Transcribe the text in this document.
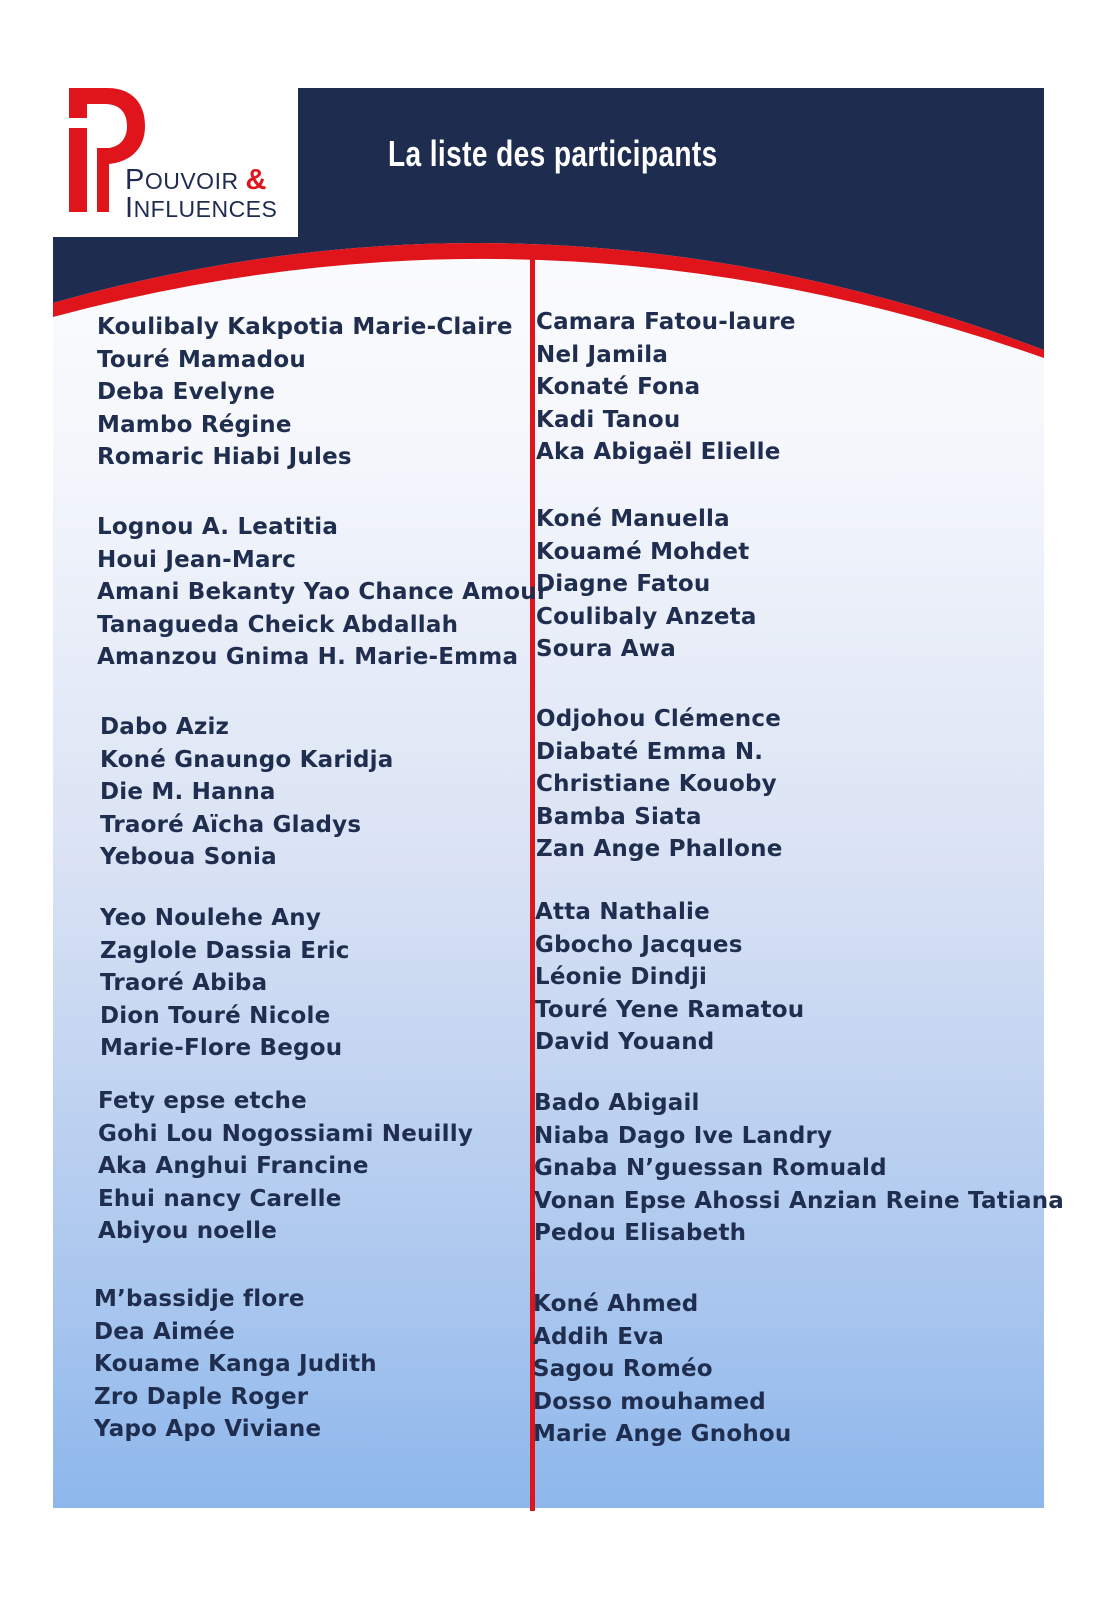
POUVOIR &
INFLUENCES
La liste des participants
Koulibaly Kakpotia Marie-Claire
Touré Mamadou
Deba Evelyne
Mambo Régine
Romaric Hiabi Jules
Lognou A. Leatitia
Houi Jean-Marc
Amani Bekanty Yao Chance Amour
Tanagueda Cheick Abdallah
Amanzou Gnima H. Marie-Emma
Dabo Aziz
Koné Gnaungo Karidja
Die M. Hanna
Traoré Aïcha Gladys
Yeboua Sonia
Yeo Noulehe Any
Zaglole Dassia Eric
Traoré Abiba
Dion Touré Nicole
Marie-Flore Begou
Fety epse etche
Gohi Lou Nogossiami Neuilly
Aka Anghui Francine
Ehui nancy Carelle
Abiyou noelle
M’bassidje flore
Dea Aimée
Kouame Kanga Judith
Zro Daple Roger
Yapo Apo Viviane
Camara Fatou-laure
Nel Jamila
Konaté Fona
Kadi Tanou
Aka Abigaël Elielle
Koné Manuella
Kouamé Mohdet
Diagne Fatou
Coulibaly Anzeta
Soura Awa
Odjohou Clémence
Diabaté Emma N.
Christiane Kouoby
Bamba Siata
Zan Ange Phallone
Atta Nathalie
Gbocho Jacques
Léonie Dindji
Touré Yene Ramatou
David Youand
Bado Abigail
Niaba Dago Ive Landry
Gnaba N’guessan Romuald
Vonan Epse Ahossi Anzian Reine Tatiana
Pedou Elisabeth
Koné Ahmed
Addih Eva
Sagou Roméo
Dosso mouhamed
Marie Ange Gnohou
